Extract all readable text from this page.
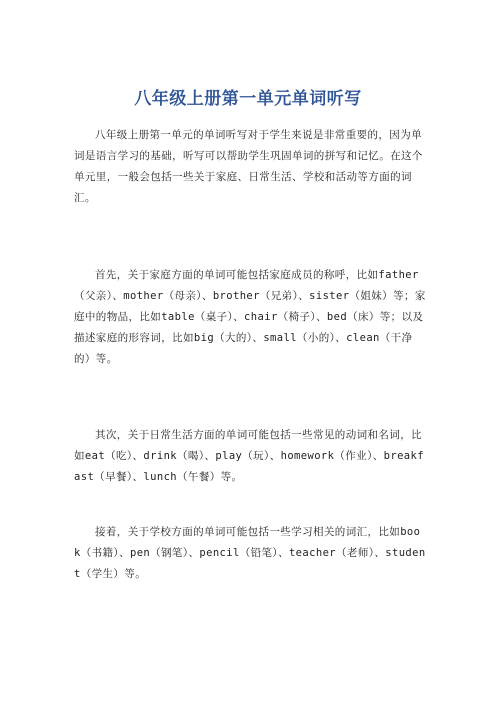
八年级上册第一单元单词听写

八年级上册第一单元的单词听写对于学生来说是非常重要的，因为单词是语言学习的基础，听写可以帮助学生巩固单词的拼写和记忆。在这个单元里，一般会包括一些关于家庭、日常生活、学校和活动等方面的词汇。

首先，关于家庭方面的单词可能包括家庭成员的称呼，比如father（父亲）、mother（母亲）、brother（兄弟）、sister（姐妹）等；家庭中的物品，比如table（桌子）、chair（椅子）、bed（床）等；以及描述家庭的形容词，比如big（大的）、small（小的）、clean（干净的）等。

其次，关于日常生活方面的单词可能包括一些常见的动词和名词，比如eat（吃）、drink（喝）、play（玩）、homework（作业）、breakfast（早餐）、lunch（午餐）等。

接着，关于学校方面的单词可能包括一些学习相关的词汇，比如book（书籍）、pen（钢笔）、pencil（铅笔）、teacher（老师）、student（学生）等。
